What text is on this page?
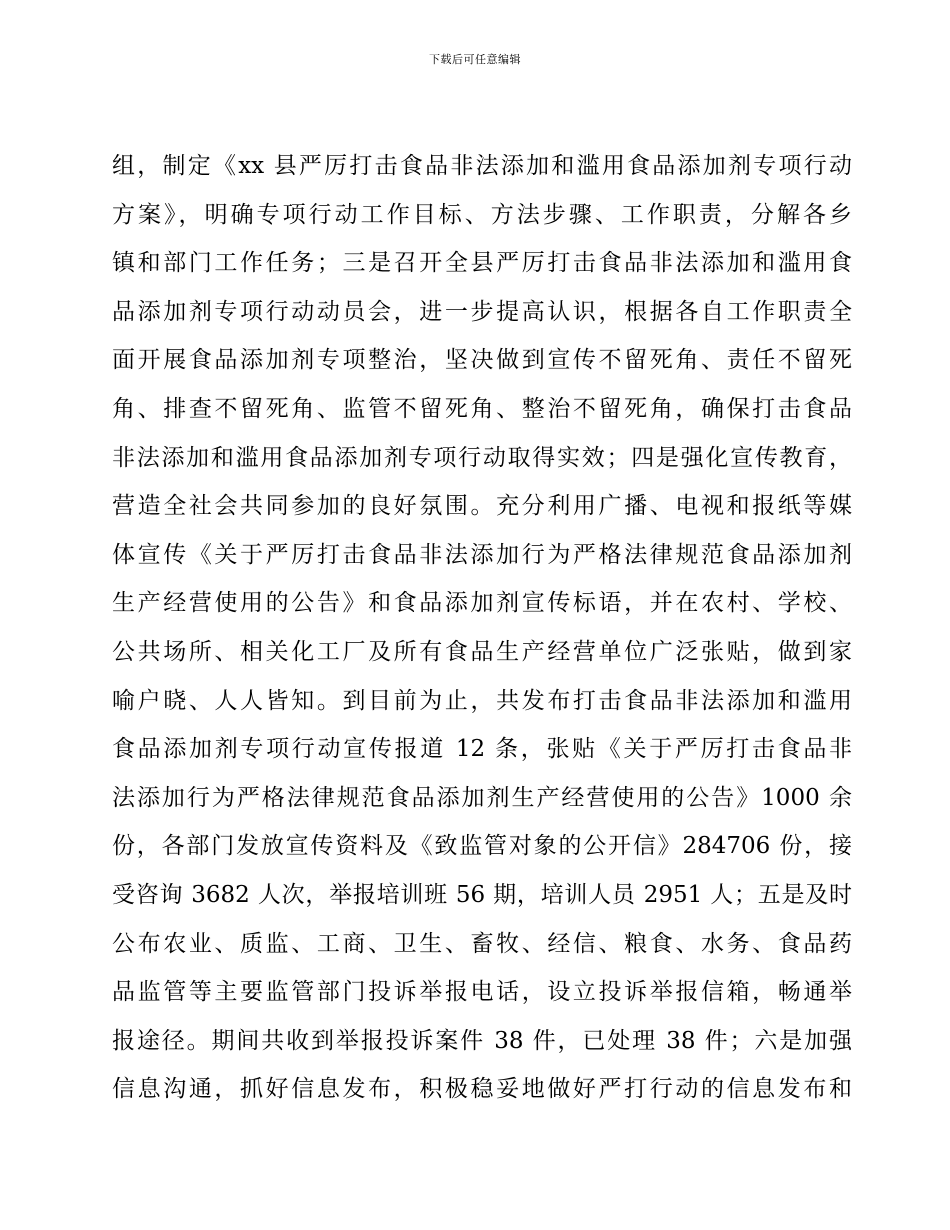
下载后可任意编辑
组，制定《xx 县严厉打击食品非法添加和滥用食品添加剂专项行动
方案》，明确专项行动工作目标、方法步骤、工作职责，分解各乡
镇和部门工作任务；三是召开全县严厉打击食品非法添加和滥用食
品添加剂专项行动动员会，进一步提高认识，根据各自工作职责全
面开展食品添加剂专项整治，坚决做到宣传不留死角、责任不留死
角、排查不留死角、监管不留死角、整治不留死角，确保打击食品
非法添加和滥用食品添加剂专项行动取得实效；四是强化宣传教育，
营造全社会共同参加的良好氛围。充分利用广播、电视和报纸等媒
体宣传《关于严厉打击食品非法添加行为严格法律规范食品添加剂
生产经营使用的公告》和食品添加剂宣传标语，并在农村、学校、
公共场所、相关化工厂及所有食品生产经营单位广泛张贴，做到家
喻户晓、人人皆知。到目前为止，共发布打击食品非法添加和滥用
食品添加剂专项行动宣传报道 12 条，张贴《关于严厉打击食品非
法添加行为严格法律规范食品添加剂生产经营使用的公告》1000 余
份，各部门发放宣传资料及《致监管对象的公开信》284706 份，接
受咨询 3682 人次，举报培训班 56 期，培训人员 2951 人；五是及时
公布农业、质监、工商、卫生、畜牧、经信、粮食、水务、食品药
品监管等主要监管部门投诉举报电话，设立投诉举报信箱，畅通举
报途径。期间共收到举报投诉案件 38 件，已处理 38 件；六是加强
信息沟通，抓好信息发布，积极稳妥地做好严打行动的信息发布和
